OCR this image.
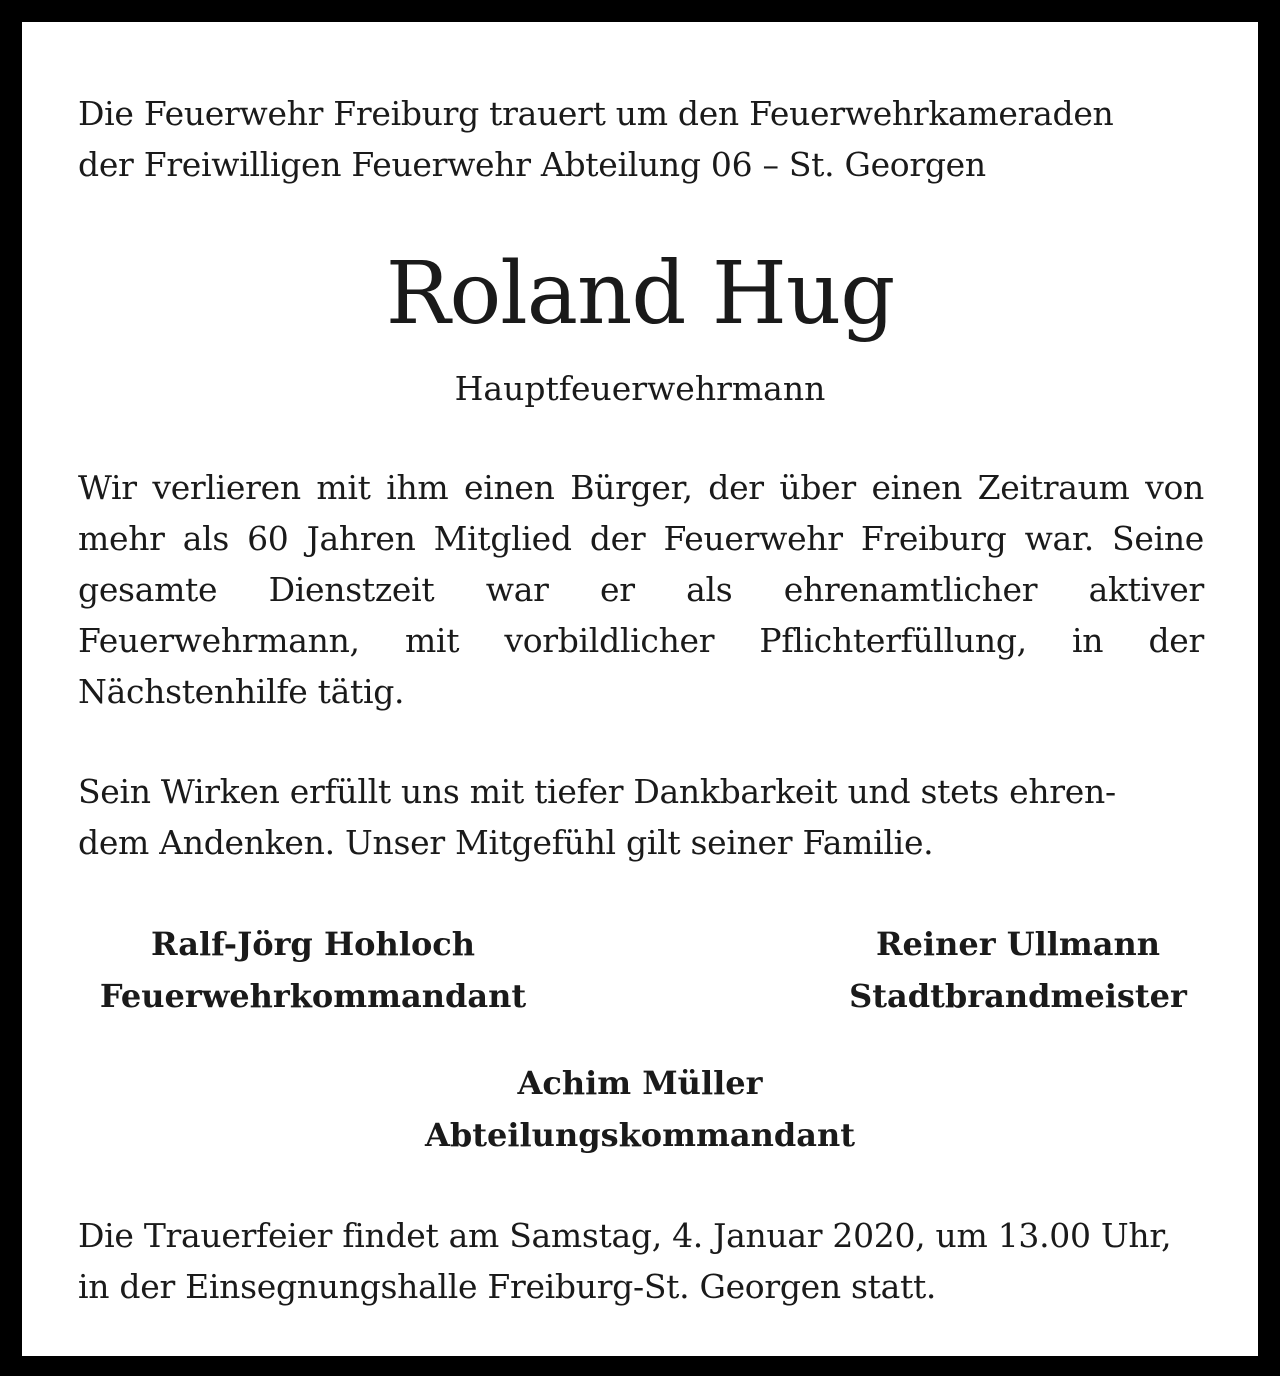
Die Feuerwehr Freiburg trauert um den Feuerwehrkameraden
der Freiwilligen Feuerwehr Abteilung 06 – St. Georgen
Roland Hug
Hauptfeuerwehrmann
Wir verlieren mit ihm einen Bürger, der über einen Zeitraum von mehr als 60 Jahren Mitglied der Feuerwehr Freiburg war. Seine gesamte Dienstzeit war er als ehrenamtlicher aktiver Feuerwehrmann, mit vorbildlicher Pflichterfüllung, in der Nächstenhilfe tätig.
Sein Wirken erfüllt uns mit tiefer Dankbarkeit und stets ehren-
dem Andenken. Unser Mitgefühl gilt seiner Familie.
Ralf-Jörg Hohloch
Feuerwehrkommandant
Reiner Ullmann
Stadtbrandmeister
Achim Müller
Abteilungskommandant
Die Trauerfeier findet am Samstag, 4. Januar 2020, um 13.00 Uhr,
in der Einsegnungshalle Freiburg-St. Georgen statt.
